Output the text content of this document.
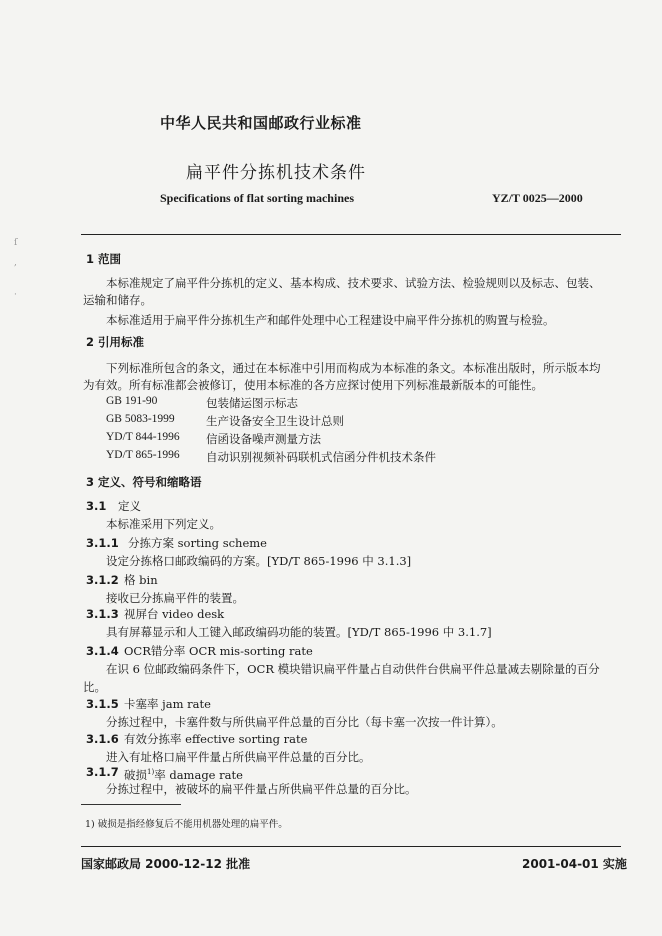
中华人民共和国邮政行业标准
扁平件分拣机技术条件
Specifications of flat sorting machines	YZ/T 0025—2000
ſ
,
·
1 范围
本标准规定了扁平件分拣机的定义、基本构成、技术要求、试验方法、检验规则以及标志、包装、
运输和储存。
本标准适用于扁平件分拣机生产和邮件处理中心工程建设中扁平件分拣机的购置与检验。
2 引用标准
下列标准所包含的条文，通过在本标准中引用而构成为本标准的条文。本标准出版时，所示版本均
为有效。所有标准都会被修订，使用本标准的各方应探讨使用下列标准最新版本的可能性。
GB 191-90	包装储运图示标志
GB 5083-1999	生产设备安全卫生设计总则
YD/T 844-1996 信函设备噪声测量方法
YD/T 865-1996 自动识别视频补码联机式信函分件机技术条件
3 定义、符号和缩略语
3.1 定义
本标准采用下列定义。
3.1.1 分拣方案 sorting scheme
设定分拣格口邮政编码的方案。[YD/T 865-1996 中 3.1.3]
3.1.2 格 bin
接收已分拣扁平件的装置。
3.1.3 视屏台 video desk
具有屏幕显示和人工键入邮政编码功能的装置。[YD/T 865-1996 中 3.1.7]
3.1.4 OCR错分率 OCR mis-sorting rate
在识 6 位邮政编码条件下，OCR 模块错识扁平件量占自动供件台供扁平件总量减去剔除量的百分
比。
3.1.5 卡塞率 jam rate
分拣过程中，卡塞件数与所供扁平件总量的百分比（每卡塞一次按一件计算）。
3.1.6 有效分拣率 effective sorting rate
进入有址格口扁平件量占所供扁平件总量的百分比。
3.1.7 破损$^{1)}$率 damage rate
分拣过程中，被破坏的扁平件量占所供扁平件总量的百分比。
1) 破损是指经修复后不能用机器处理的扁平件。
国家邮政局 2000-12-12 批准	2001-04-01 实施
